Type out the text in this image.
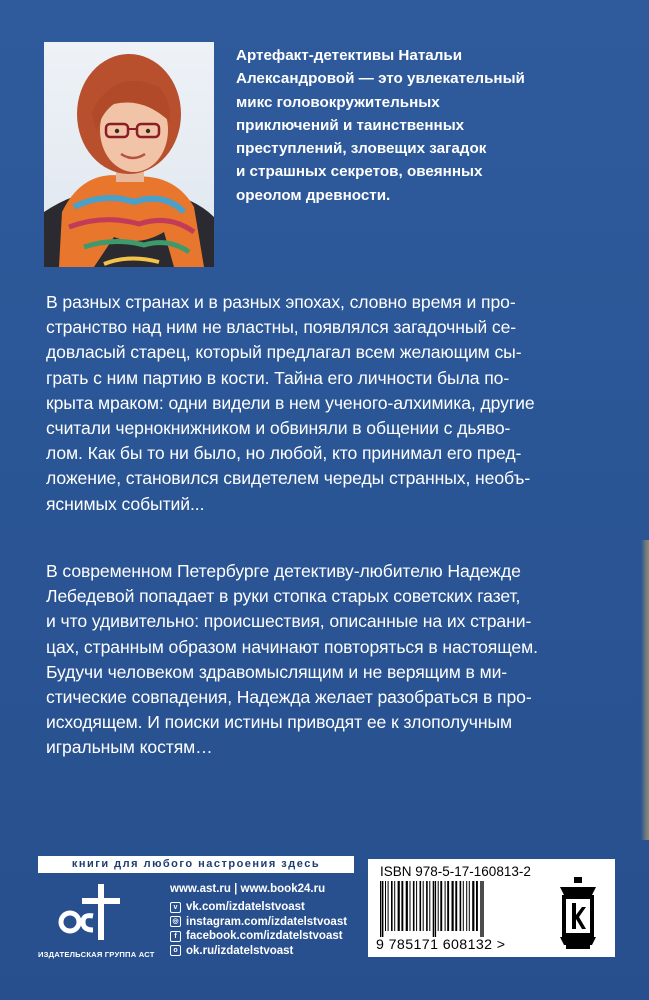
Артефакт-детективы Натальи
Александровой — это увлекательный
микс головокружительных
приключений и таинственных
преступлений, зловещих загадок
и страшных секретов, овеянных
ореолом древности.
В разных странах и в разных эпохах, словно время и про-
странство над ним не властны, появлялся загадочный се-
довласый старец, который предлагал всем желающим сы-
грать с ним партию в кости. Тайна его личности была по-
крыта мраком: одни видели в нем ученого-алхимика, другие
считали чернокнижником и обвиняли в общении с дьяво-
лом. Как бы то ни было, но любой, кто принимал его пред-
ложение, становился свидетелем череды странных, необъ-
яснимых событий...
В современном Петербурге детективу-любителю Надежде
Лебедевой попадает в руки стопка старых советских газет,
и что удивительно: происшествия, описанные на их страни-
цах, странным образом начинают повторяться в настоящем.
Будучи человеком здравомыслящим и не верящим в ми-
стические совпадения, Надежда желает разобраться в про-
исходящем. И поиски истины приводят ее к злополучным
игральным костям…
книги для любого настроения здесь
ИЗДАТЕЛЬСКАЯ ГРУППА АСТ
www.ast.ru | www.book24.ru
v vk.com/izdatelstvoast
◎ instagram.com/izdatelstvoast
f facebook.com/izdatelstvoast
o ok.ru/izdatelstvoast
ISBN 978-5-17-160813-2
9 785171 608132 >
